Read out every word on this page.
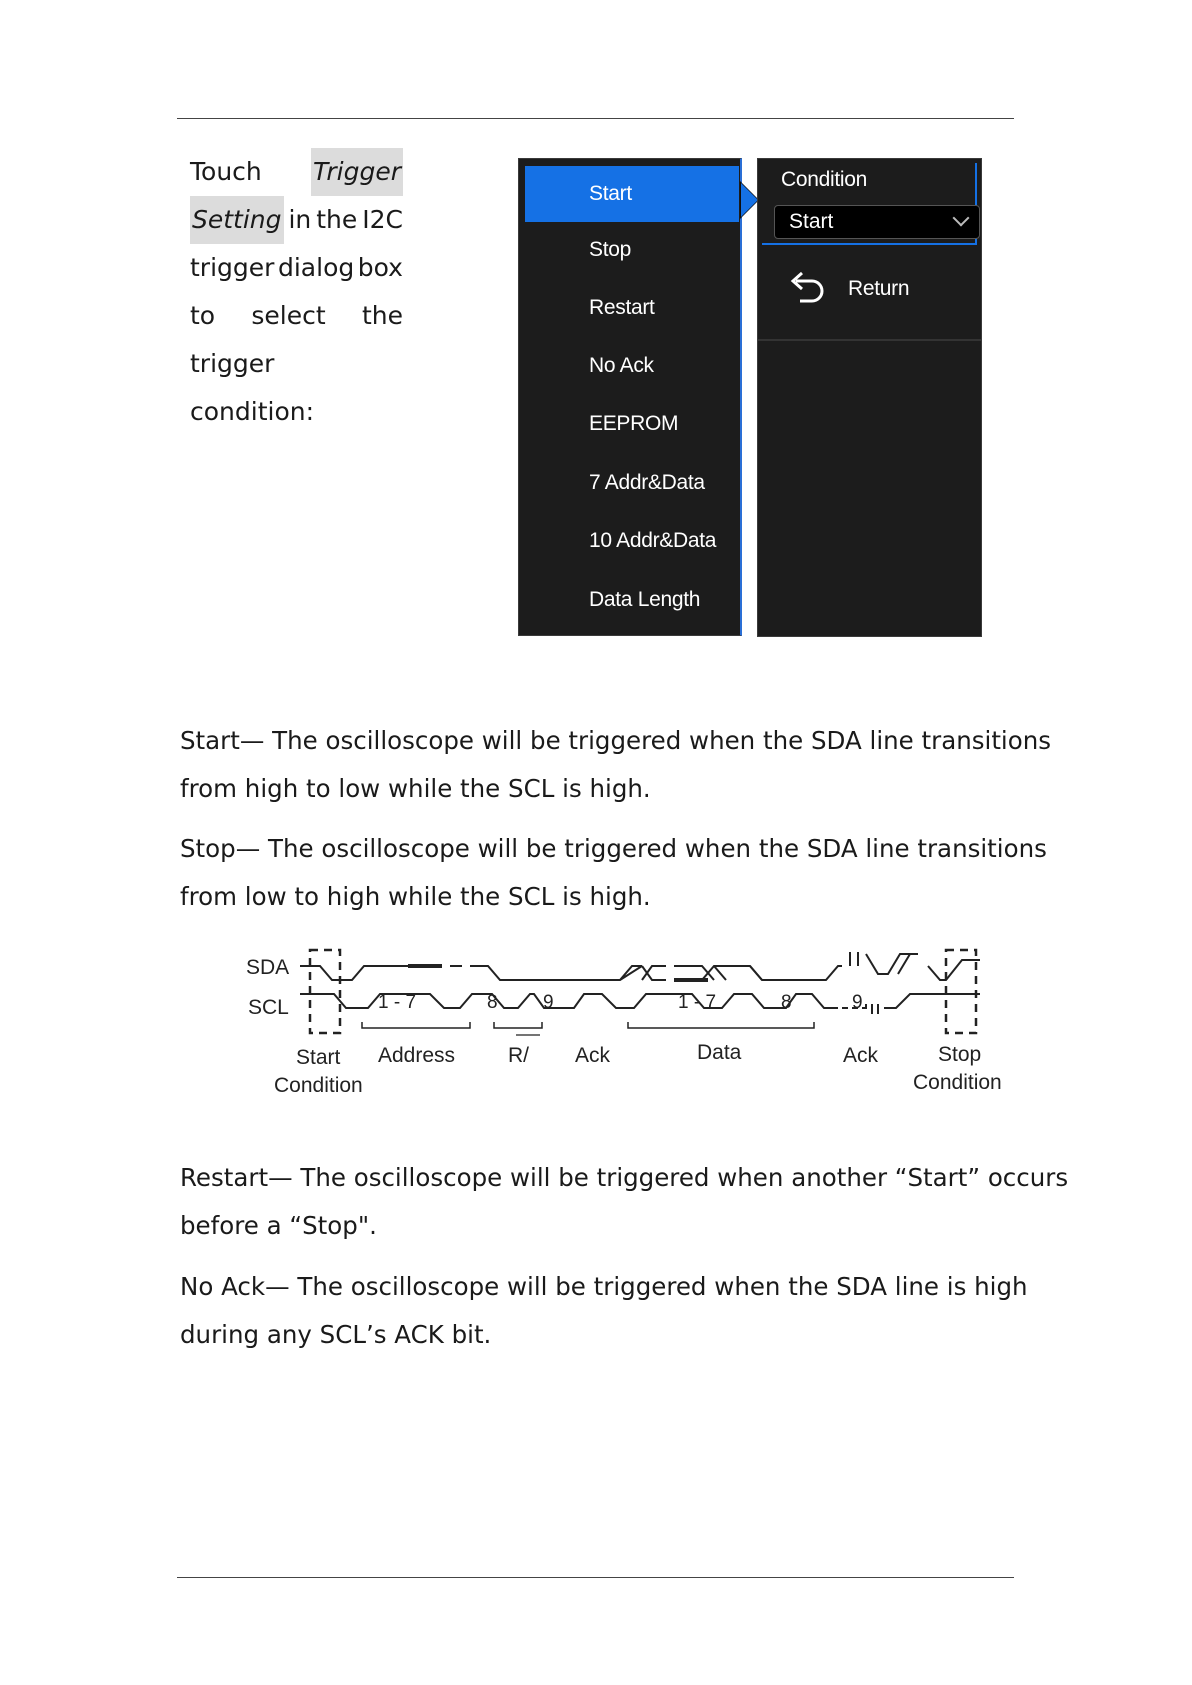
Touch Trigger
Setting in the I2C
trigger dialog box
to select the
trigger condition:
Start
Stop
Restart
No Ack
EEPROM
7 Addr&Data
10 Addr&Data
Data Length
Condition
Start
Return
Start — The oscilloscope will be triggered when the SDA line transitions
from high to low while the SCL is high.
Stop — The oscilloscope will be triggered when the SDA line transitions
from low to high while the SCL is high.
SDA
SCL	1 - 7	8 9	1 - 7	8	9
Start
Condition
Address	R/ Ack	Data	Ack	Stop
Condition
Restart — The oscilloscope will be triggered when another “Start” occurs
before a “Stop".
No Ack — The oscilloscope will be triggered when the SDA line is high
during any SCL’s ACK bit.
